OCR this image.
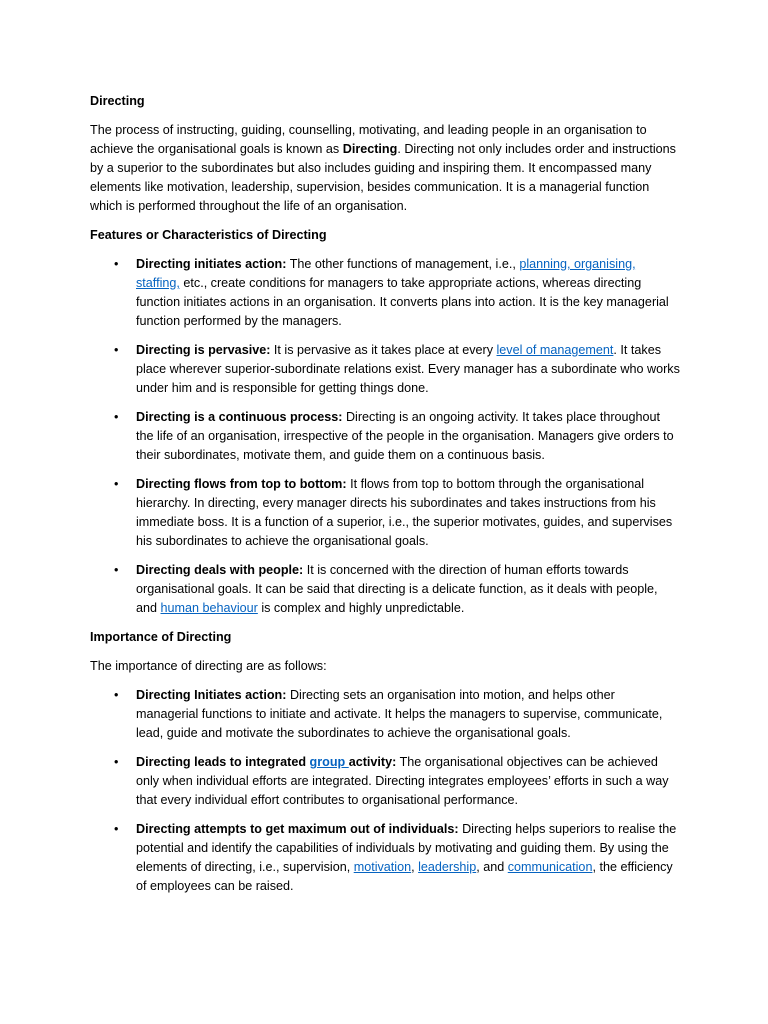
Directing

The process of instructing, guiding, counselling, motivating, and leading people in an organisation to achieve the organisational goals is known as Directing. Directing not only includes order and instructions by a superior to the subordinates but also includes guiding and inspiring them. It encompassed many elements like motivation, leadership, supervision, besides communication. It is a managerial function which is performed throughout the life of an organisation.

Features or Characteristics of Directing

• Directing initiates action: The other functions of management, i.e., planning, organising, staffing, etc., create conditions for managers to take appropriate actions, whereas directing function initiates actions in an organisation. It converts plans into action. It is the key managerial function performed by the managers.
• Directing is pervasive: It is pervasive as it takes place at every level of management. It takes place wherever superior-subordinate relations exist. Every manager has a subordinate who works under him and is responsible for getting things done.
• Directing is a continuous process: Directing is an ongoing activity. It takes place throughout the life of an organisation, irrespective of the people in the organisation. Managers give orders to their subordinates, motivate them, and guide them on a continuous basis.
• Directing flows from top to bottom: It flows from top to bottom through the organisational hierarchy. In directing, every manager directs his subordinates and takes instructions from his immediate boss. It is a function of a superior, i.e., the superior motivates, guides, and supervises his subordinates to achieve the organisational goals.
• Directing deals with people: It is concerned with the direction of human efforts towards organisational goals. It can be said that directing is a delicate function, as it deals with people, and human behaviour is complex and highly unpredictable.

Importance of Directing

The importance of directing are as follows:

• Directing Initiates action: Directing sets an organisation into motion, and helps other managerial functions to initiate and activate. It helps the managers to supervise, communicate, lead, guide and motivate the subordinates to achieve the organisational goals.
• Directing leads to integrated group activity: The organisational objectives can be achieved only when individual efforts are integrated. Directing integrates employees’ efforts in such a way that every individual effort contributes to organisational performance.
• Directing attempts to get maximum out of individuals: Directing helps superiors to realise the potential and identify the capabilities of individuals by motivating and guiding them. By using the elements of directing, i.e., supervision, motivation, leadership, and communication, the efficiency of employees can be raised.
